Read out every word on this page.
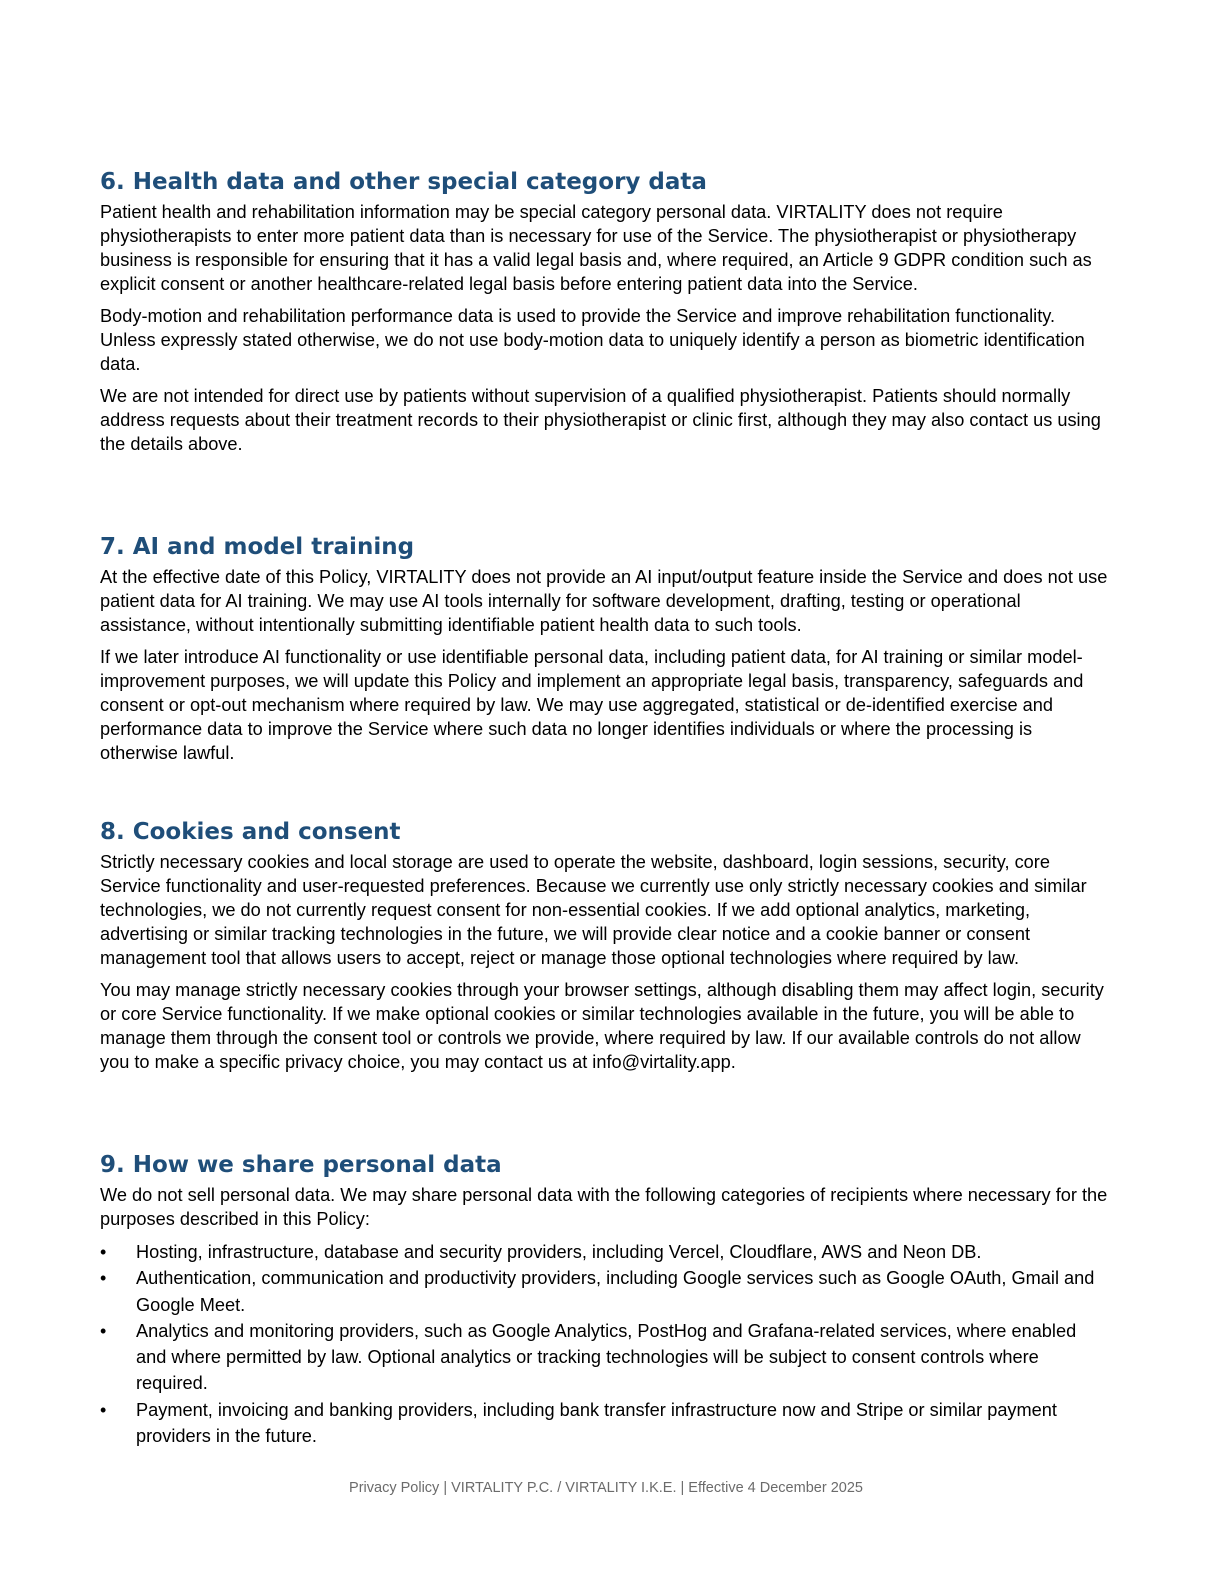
6. Health data and other special category data

Patient health and rehabilitation information may be special category personal data. VIRTALITY does not require physiotherapists to enter more patient data than is necessary for use of the Service. The physiotherapist or physiotherapy business is responsible for ensuring that it has a valid legal basis and, where required, an Article 9 GDPR condition such as explicit consent or another healthcare-related legal basis before entering patient data into the Service.

Body-motion and rehabilitation performance data is used to provide the Service and improve rehabilitation functionality. Unless expressly stated otherwise, we do not use body-motion data to uniquely identify a person as biometric identification data.

We are not intended for direct use by patients without supervision of a qualified physiotherapist. Patients should normally address requests about their treatment records to their physiotherapist or clinic first, although they may also contact us using the details above.

7. AI and model training

At the effective date of this Policy, VIRTALITY does not provide an AI input/output feature inside the Service and does not use patient data for AI training. We may use AI tools internally for software development, drafting, testing or operational assistance, without intentionally submitting identifiable patient health data to such tools.

If we later introduce AI functionality or use identifiable personal data, including patient data, for AI training or similar model-improvement purposes, we will update this Policy and implement an appropriate legal basis, transparency, safeguards and consent or opt-out mechanism where required by law. We may use aggregated, statistical or de-identified exercise and performance data to improve the Service where such data no longer identifies individuals or where the processing is otherwise lawful.

8. Cookies and consent

Strictly necessary cookies and local storage are used to operate the website, dashboard, login sessions, security, core Service functionality and user-requested preferences. Because we currently use only strictly necessary cookies and similar technologies, we do not currently request consent for non-essential cookies. If we add optional analytics, marketing, advertising or similar tracking technologies in the future, we will provide clear notice and a cookie banner or consent management tool that allows users to accept, reject or manage those optional technologies where required by law.

You may manage strictly necessary cookies through your browser settings, although disabling them may affect login, security or core Service functionality. If we make optional cookies or similar technologies available in the future, you will be able to manage them through the consent tool or controls we provide, where required by law. If our available controls do not allow you to make a specific privacy choice, you may contact us at info@virtality.app.

9. How we share personal data

We do not sell personal data. We may share personal data with the following categories of recipients where necessary for the purposes described in this Policy:

• Hosting, infrastructure, database and security providers, including Vercel, Cloudflare, AWS and Neon DB.
• Authentication, communication and productivity providers, including Google services such as Google OAuth, Gmail and Google Meet.
• Analytics and monitoring providers, such as Google Analytics, PostHog and Grafana-related services, where enabled and where permitted by law. Optional analytics or tracking technologies will be subject to consent controls where required.
• Payment, invoicing and banking providers, including bank transfer infrastructure now and Stripe or similar payment providers in the future.
Privacy Policy | VIRTALITY P.C. / VIRTALITY I.K.E. | Effective 4 December 2025
